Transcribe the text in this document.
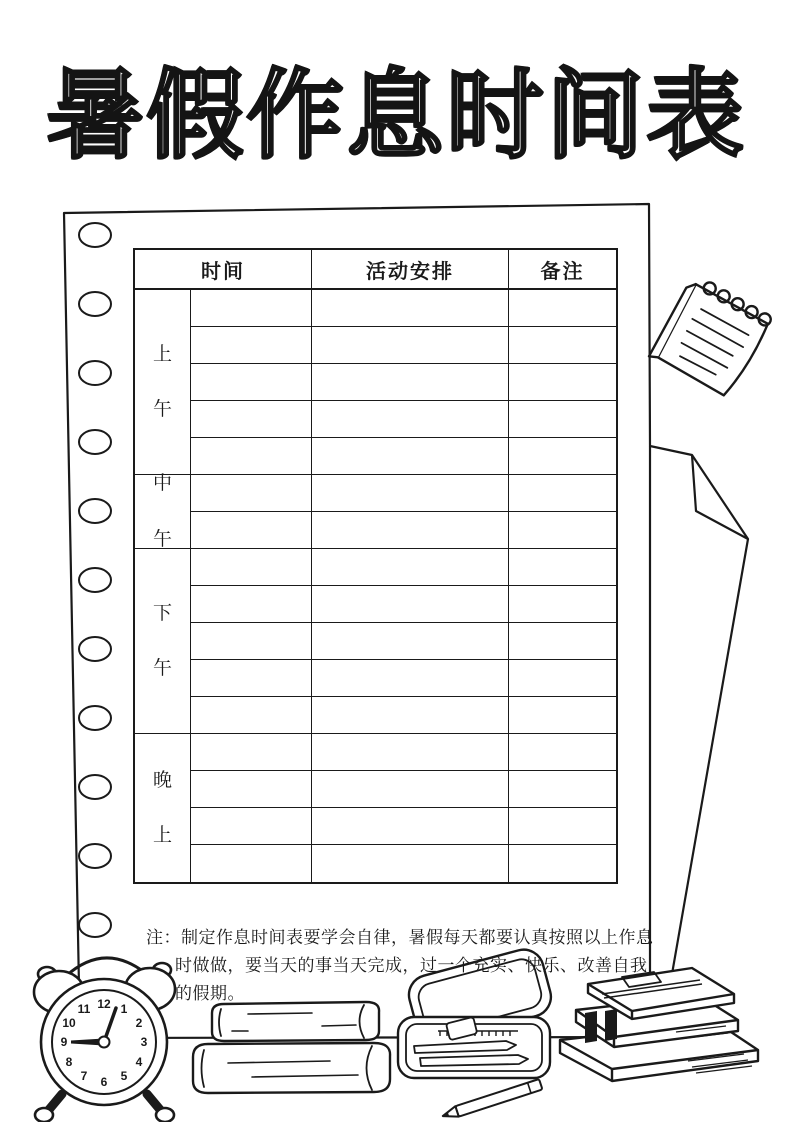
12 1
2
3
4
5
6
7
8
9
10
11
暑假作息时间表
时间	活动安排	备注
上午
中午
下午
晚上

注：制定作息时间表要学会自律，暑假每天都要认真按照以上作息

时做做，要当天的事当天完成，过一个充实、快乐、改善自我

的假期。
